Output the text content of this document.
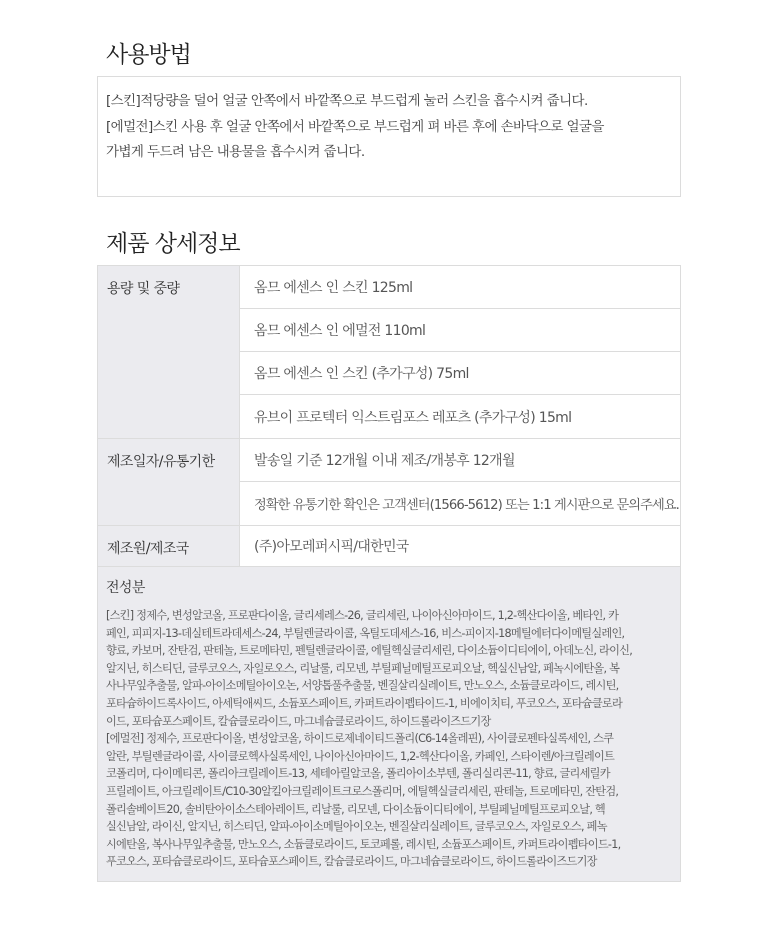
사용방법

[스킨]적당량을 덜어 얼굴 안쪽에서 바깥쪽으로 부드럽게 눌러 스킨을 흡수시켜 줍니다.
[에멀전]스킨 사용 후 얼굴 안쪽에서 바깥쪽으로 부드럽게 펴 바른 후에 손바닥으로 얼굴을
가볍게 두드려 남은 내용물을 흡수시켜 줍니다.

제품 상세정보
용량 및 중량	옴므 에센스 인 스킨 125ml
옴므 에센스 인 에멀전 110ml
옴므 에센스 인 스킨 (추가구성) 75ml
유브이 프로텍터 익스트림포스 레포츠 (추가구성) 15ml
제조일자/유통기한	발송일 기준 12개월 이내 제조/개봉후 12개월
정확한 유통기한 확인은 고객센터(1566-5612) 또는 1:1 게시판으로 문의주세요.
제조원/제조국	(주)아모레퍼시픽/대한민국
전성분
[스킨] 정제수, 변성알코올, 프로판다이올, 글리세레스-26, 글리세린, 나이아신아마이드, 1,2-헥산다이올, 베타인, 카
페인, 피피지-13-데실테트라데세스-24, 부틸렌글라이콜, 옥틸도데세스-16, 비스-피이지-18메틸에터다이메틸실레인,
향료, 카보머, 잔탄검, 판테놀, 트로메타민, 펜틸렌글라이콜, 에틸헥실글리세린, 다이소듐이디티에이, 아데노신, 라이신,
알지닌, 히스티딘, 글루코오스, 자일로오스, 리날룰, 리모넨, 부틸페닐메틸프로피오날, 헥실신남알, 페녹시에탄올, 복
사나무잎추출물, 알파-아이소메틸아이오논, 서양톱풀추출물, 벤질살리실레이트, 만노오스, 소듐클로라이드, 레시틴,
포타슘하이드록사이드, 아세틱애씨드, 소듐포스페이트, 카퍼트라이펩타이드-1, 비에이치티, 푸코오스, 포타슘클로라
이드, 포타슘포스페이트, 칼슘클로라이드, 마그네슘클로라이드, 하이드롤라이즈드기장
[에멀전] 정제수, 프로판다이올, 변성알코올, 하이드로제네이티드폴리(C6-14올레핀), 사이클로펜타실록세인, 스쿠
알란, 부틸렌글라이콜, 사이클로헥사실록세인, 나이아신아마이드, 1,2-헥산다이올, 카페인, 스타이렌/아크릴레이트
코폴리머, 다이메티콘, 폴리아크릴레이트-13, 세테아릴알코올, 폴리아이소부텐, 폴리실리콘-11, 향료, 글리세릴카
프릴레이트, 아크릴레이트/C10-30알킬아크릴레이트크로스폴리머, 에틸헥실글리세린, 판테놀, 트로메타민, 잔탄검,
폴리솔베이트20, 솔비탄아이소스테아레이트, 리날룰, 리모넨, 다이소듐이디티에이, 부틸페닐메틸프로피오날, 헥
실신남알, 라이신, 알지닌, 히스티딘, 알파-아이소메틸아이오논, 벤질살리실레이트, 글루코오스, 자일로오스, 페녹
시에탄올, 복사나무잎추출물, 만노오스, 소듐클로라이드, 토코페롤, 레시틴, 소듐포스페이트, 카퍼트라이펩타이드-1,
푸코오스, 포타슘클로라이드, 포타슘포스페이트, 칼슘클로라이드, 마그네슘클로라이드, 하이드롤라이즈드기장
